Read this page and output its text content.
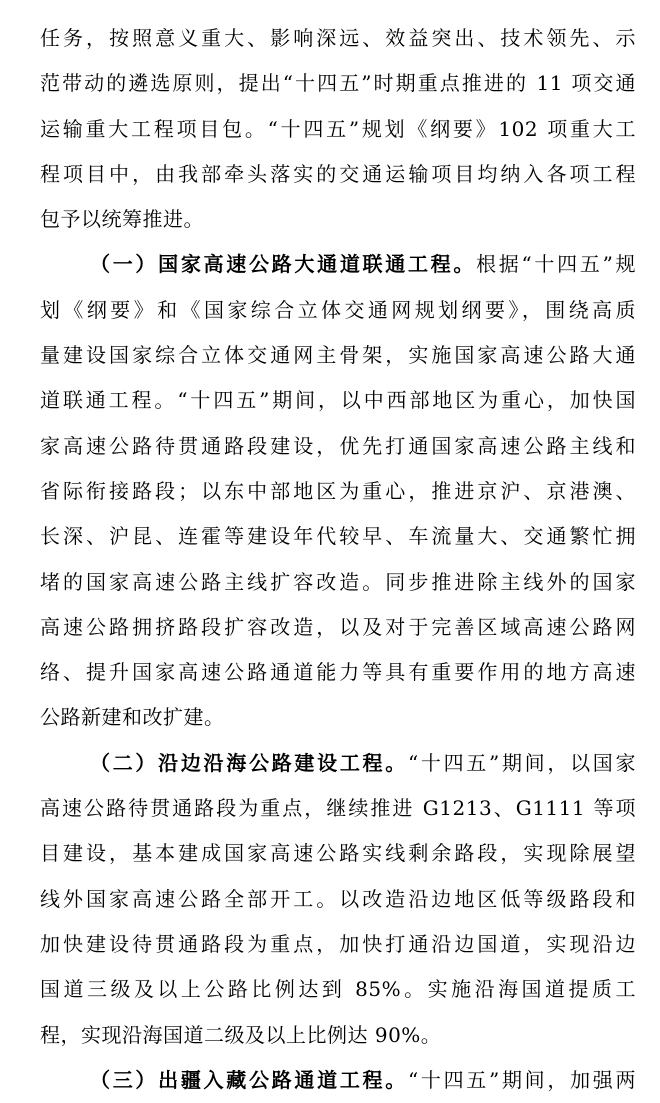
任务，按照意义重大、影响深远、效益突出、技术领先、示
范带动的遴选原则，提出“十四五”时期重点推进的 11 项交通
运输重大工程项目包。“十四五”规划《纲要》102 项重大工
程项目中，由我部牵头落实的交通运输项目均纳入各项工程
包予以统筹推进。
（一）国家高速公路大通道联通工程。根据“十四五”规
划《纲要》和《国家综合立体交通网规划纲要》，围绕高质
量建设国家综合立体交通网主骨架，实施国家高速公路大通
道联通工程。“十四五”期间，以中西部地区为重心，加快国
家高速公路待贯通路段建设，优先打通国家高速公路主线和
省际衔接路段；以东中部地区为重心，推进京沪、京港澳、
长深、沪昆、连霍等建设年代较早、车流量大、交通繁忙拥
堵的国家高速公路主线扩容改造。同步推进除主线外的国家
高速公路拥挤路段扩容改造，以及对于完善区域高速公路网
络、提升国家高速公路通道能力等具有重要作用的地方高速
公路新建和改扩建。
（二）沿边沿海公路建设工程。“十四五”期间，以国家
高速公路待贯通路段为重点，继续推进 G1213、G1111 等项
目建设，基本建成国家高速公路实线剩余路段，实现除展望
线外国家高速公路全部开工。以改造沿边地区低等级路段和
加快建设待贯通路段为重点，加快打通沿边国道，实现沿边
国道三级及以上公路比例达到 85%。实施沿海国道提质工
程，实现沿海国道二级及以上比例达 90%。
（三）出疆入藏公路通道工程。“十四五”期间，加强两
